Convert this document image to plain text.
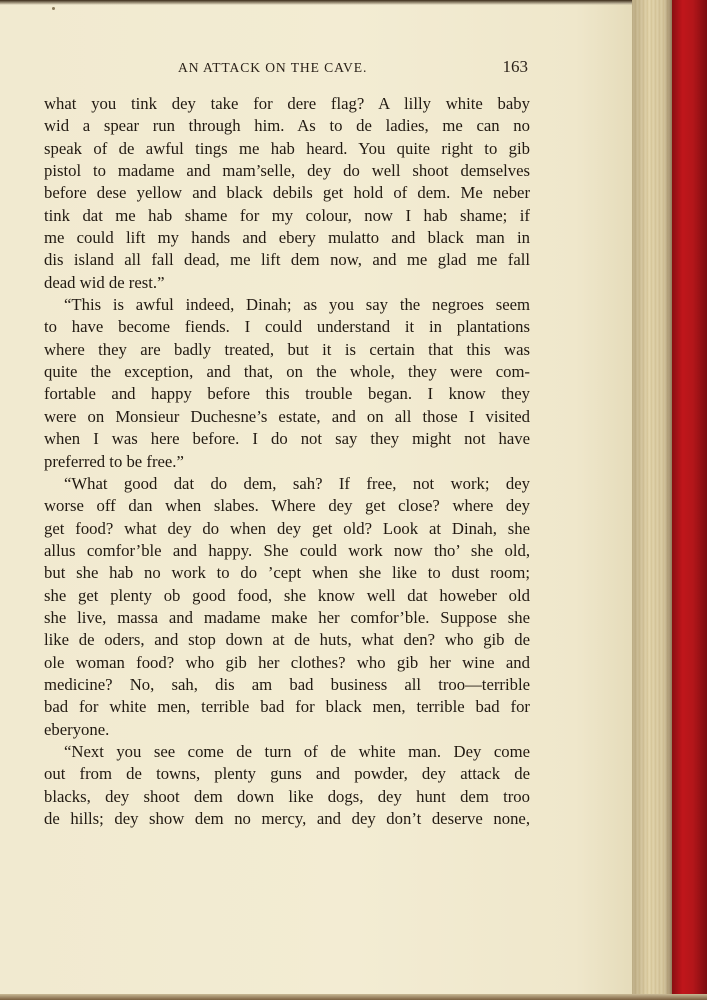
AN ATTACK ON THE CAVE.	163
what you tink dey take for dere flag? A lilly white baby
wid a spear run through him. As to de ladies, me can no
speak of de awful tings me hab heard. You quite right to gib
pistol to madame and mam’selle, dey do well shoot demselves
before dese yellow and black debils get hold of dem. Me neber
tink dat me hab shame for my colour, now I hab shame; if
me could lift my hands and ebery mulatto and black man in
dis island all fall dead, me lift dem now, and me glad me fall
dead wid de rest.”
“This is awful indeed, Dinah; as you say the negroes seem
to have become fiends. I could understand it in plantations
where they are badly treated, but it is certain that this was
quite the exception, and that, on the whole, they were com-
fortable and happy before this trouble began. I know they
were on Monsieur Duchesne’s estate, and on all those I visited
when I was here before. I do not say they might not have
preferred to be free.”
“What good dat do dem, sah? If free, not work; dey
worse off dan when slabes. Where dey get close? where dey
get food? what dey do when dey get old? Look at Dinah, she
allus comfor’ble and happy. She could work now tho’ she old,
but she hab no work to do ’cept when she like to dust room;
she get plenty ob good food, she know well dat howeber old
she live, massa and madame make her comfor’ble. Suppose she
like de oders, and stop down at de huts, what den? who gib de
ole woman food? who gib her clothes? who gib her wine and
medicine? No, sah, dis am bad business all troo—terrible
bad for white men, terrible bad for black men, terrible bad for
eberyone.
“Next you see come de turn of de white man. Dey come
out from de towns, plenty guns and powder, dey attack de
blacks, dey shoot dem down like dogs, dey hunt dem troo
de hills; dey show dem no mercy, and dey don’t deserve none,
